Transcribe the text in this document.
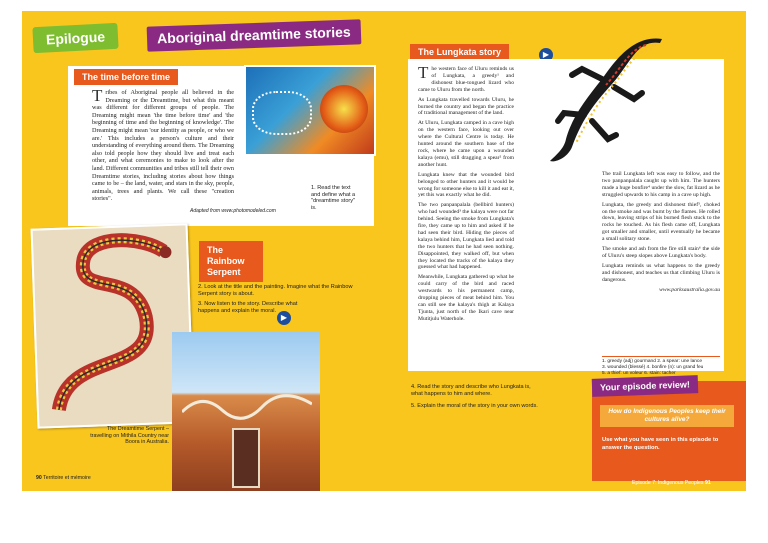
Epilogue	Aboriginal dreamtime stories
The time before time
T ribes of Aboriginal people all believed in the Dreaming or the Dreamtime, but what this meant was different for different groups of people. The Dreaming might mean 'the time before time' and 'the beginning of time and the beginning of knowledge'. The Dreaming might mean 'our identity as people, or who we are.' This includes a person's culture and their understanding of everything around them. The Dreaming also told people how they should live and treat each other, and what ceremonies to make to look after the land. Different communities and tribes still tell their own Dreamtime stories, including stories about how things came to be – the land, water, and stars in the sky, people, animals, trees and plants. We call these "creation stories".
1. Read the text and define what a "dreamtime story" is.
Adapted from www.photomodeled.com
The Rainbow Serpent
2. Look at the title and the painting. Imagine what the Rainbow Serpent story is about.
3. Now listen to the story. Describe what happens and explain the moral.
▶
The Dreamtime Serpent – travelling on Mithila Country near Boora in Australia.
The Lungkata story	▶

The western face of Uluru reminds us of Lungkata, a greedy¹ and dishonest blue-tongued lizard who came to Uluru from the north.

As Lungkata travelled towards Uluru, he burned the country and began the practice of traditional management of the land.

At Uluru, Lungkata camped in a cave high on the western face, looking out over where the Cultural Centre is today. He hunted around the southern base of the rock, where he came upon a wounded kalaya (emu), still dragging a spear² from another hunt.

Lungkata knew that the wounded bird belonged to other hunters and it would be wrong for someone else to kill it and eat it, yet this was exactly what he did.

The two panpanpalala (bellbird hunters) who had wounded³ the kalaya were not far behind. Seeing the smoke from Lungkata's fire, they came up to him and asked if he had seen their bird. Hiding the pieces of kalaya behind him, Lungkata lied and told the two hunters that he had seen nothing. Disappointed, they walked off, but when they located the tracks of the kalaya they guessed what had happened.

Meanwhile, Lungkata gathered up what he could carry of the bird and raced westwards to his permanent camp, dropping pieces of meat behind him. You can still see the kalaya's thigh at Kalaya Tjunta, just north of the Ikari cave near Mutitjulu Waterhole.

The trail Lungkata left was easy to follow, and the two panpanpalala caught up with him. The hunters made a huge bonfire⁴ under the slow, fat lizard as he struggled upwards to his camp in a cave up high.

Lungkata, the greedy and dishonest thief⁵, choked on the smoke and was burnt by the flames. He rolled down, leaving strips of his burned flesh stuck to the rocks he touched. As his flesh came off, Lungkata got smaller and smaller, until eventually he became a small solitary stone.

The smoke and ash from the fire still stain⁶ the side of Uluru's steep slopes above Lungkata's body.

Lungkata reminds us what happens to the greedy and dishonest, and teaches us that climbing Uluru is dangerous.

www.parksaustralia.gov.au

1. greedy (adj) gourmand 2. a spear: une lance
3. wounded (blessé) 4. bonfire (n): un grand feu
5. a thief: un voleur 6. stain: tacher
4. Read the story and describe who Lungkata is, what happens to him and where.
5. Explain the moral of the story in your own words.
Your episode review!
How do Indigenous Peoples keep their cultures alive?
Use what you have seen in this episode to answer the question.
90 Territoire et mémoire
Episode 7: Indigenous Peoples 91
